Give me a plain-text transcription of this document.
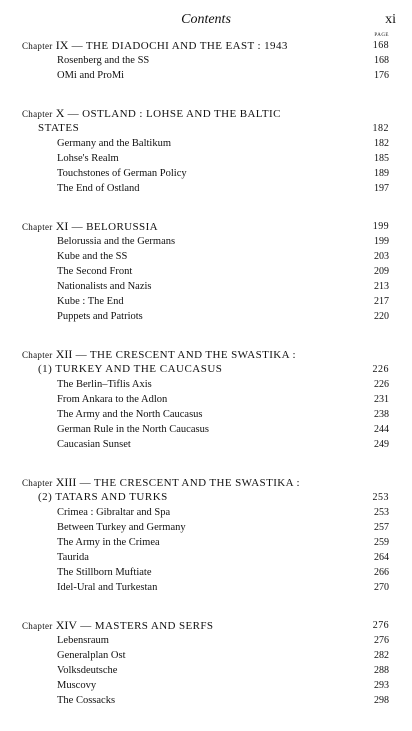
Contents	xi
PAGE
Chapter IX — THE DIADOCHI AND THE EAST : 1943	168
Rosenberg and the SS	168
OMi and ProMi	176
Chapter X — OSTLAND : LOHSE AND THE BALTIC
STATES	182
Germany and the Baltikum	182
Lohse's Realm	185
Touchstones of German Policy	189
The End of Ostland	197
Chapter XI — BELORUSSIA	199
Belorussia and the Germans	199
Kube and the SS	203
The Second Front	209
Nationalists and Nazis	213
Kube : The End	217
Puppets and Patriots	220
Chapter XII — THE CRESCENT AND THE SWASTIKA :
(1) TURKEY AND THE CAUCASUS	226
The Berlin–Tiflis Axis	226
From Ankara to the Adlon	231
The Army and the North Caucasus	238
German Rule in the North Caucasus	244
Caucasian Sunset	249
Chapter XIII — THE CRESCENT AND THE SWASTIKA :
(2) TATARS AND TURKS	253
Crimea : Gibraltar and Spa	253
Between Turkey and Germany	257
The Army in the Crimea	259
Taurida	264
The Stillborn Muftiate	266
Idel-Ural and Turkestan	270
Chapter XIV — MASTERS AND SERFS	276
Lebensraum	276
Generalplan Ost	282
Volksdeutsche	288
Muscovy	293
The Cossacks	298
